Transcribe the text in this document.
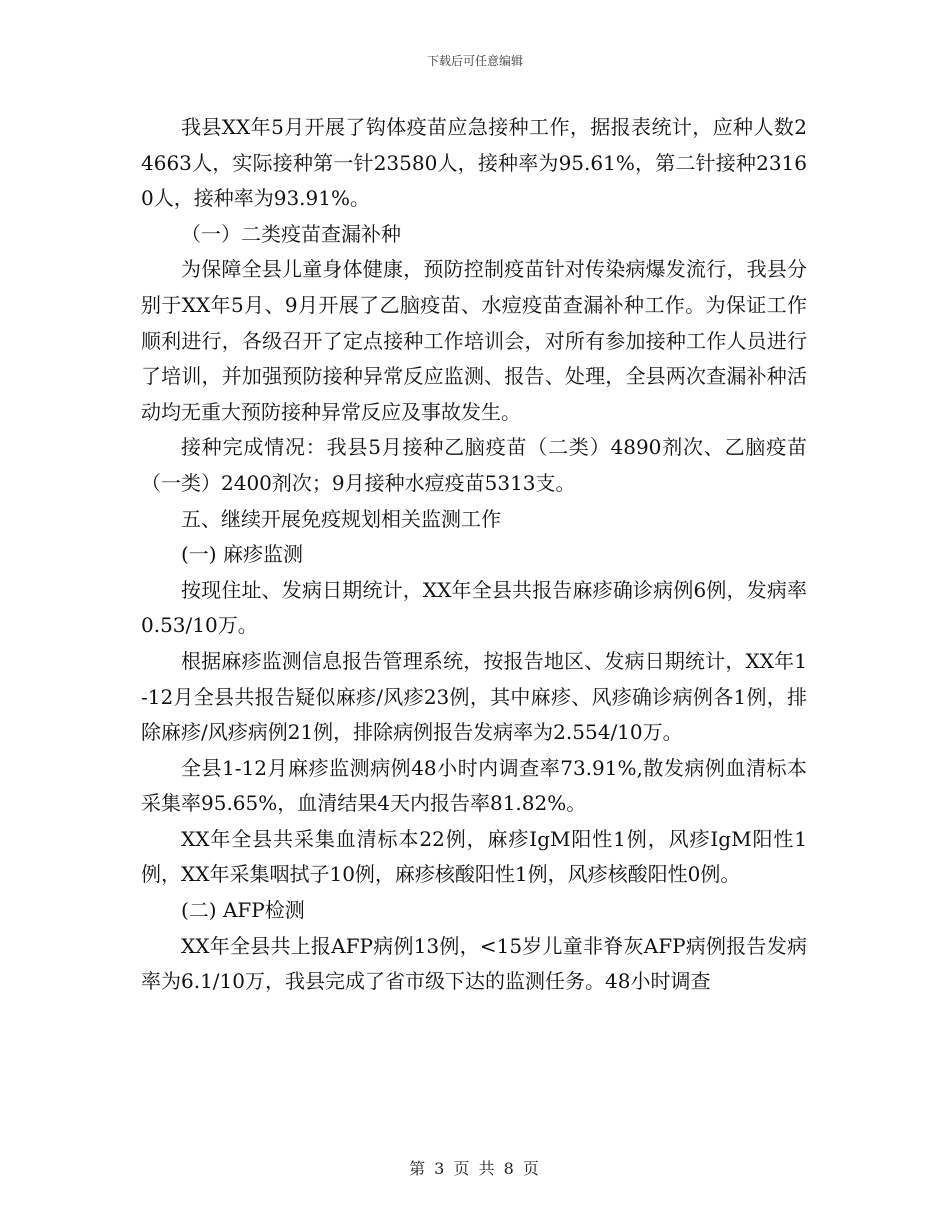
下载后可任意编辑

我县XX年5月开展了钩体疫苗应急接种工作，据报表统计，应种人数24663人，实际接种第一针23580人，接种率为95.61%，第二针接种23160人，接种率为93.91%。

（一）二类疫苗查漏补种

为保障全县儿童身体健康，预防控制疫苗针对传染病爆发流行，我县分别于XX年5月、9月开展了乙脑疫苗、水痘疫苗查漏补种工作。为保证工作顺利进行，各级召开了定点接种工作培训会，对所有参加接种工作人员进行了培训，并加强预防接种异常反应监测、报告、处理，全县两次查漏补种活动均无重大预防接种异常反应及事故发生。

接种完成情况：我县5月接种乙脑疫苗（二类）4890剂次、乙脑疫苗（一类）2400剂次；9月接种水痘疫苗5313支。

五、继续开展免疫规划相关监测工作

(一) 麻疹监测

按现住址、发病日期统计，XX年全县共报告麻疹确诊病例6例，发病率0.53/10万。

根据麻疹监测信息报告管理系统，按报告地区、发病日期统计，XX年1-12月全县共报告疑似麻疹/风疹23例，其中麻疹、风疹确诊病例各1例，排除麻疹/风疹病例21例，排除病例报告发病率为2.554/10万。

全县1-12月麻疹监测病例48小时内调查率73.91%,散发病例血清标本采集率95.65%，血清结果4天内报告率81.82%。

XX年全县共采集血清标本22例，麻疹IgM阳性1例，风疹IgM阳性1例，XX年采集咽拭子10例，麻疹核酸阳性1例，风疹核酸阳性0例。

(二) AFP检测

XX年全县共上报AFP病例13例，<15岁儿童非脊灰AFP病例报告发病率为6.1/10万，我县完成了省市级下达的监测任务。48小时调查

第 3 页 共 8 页
